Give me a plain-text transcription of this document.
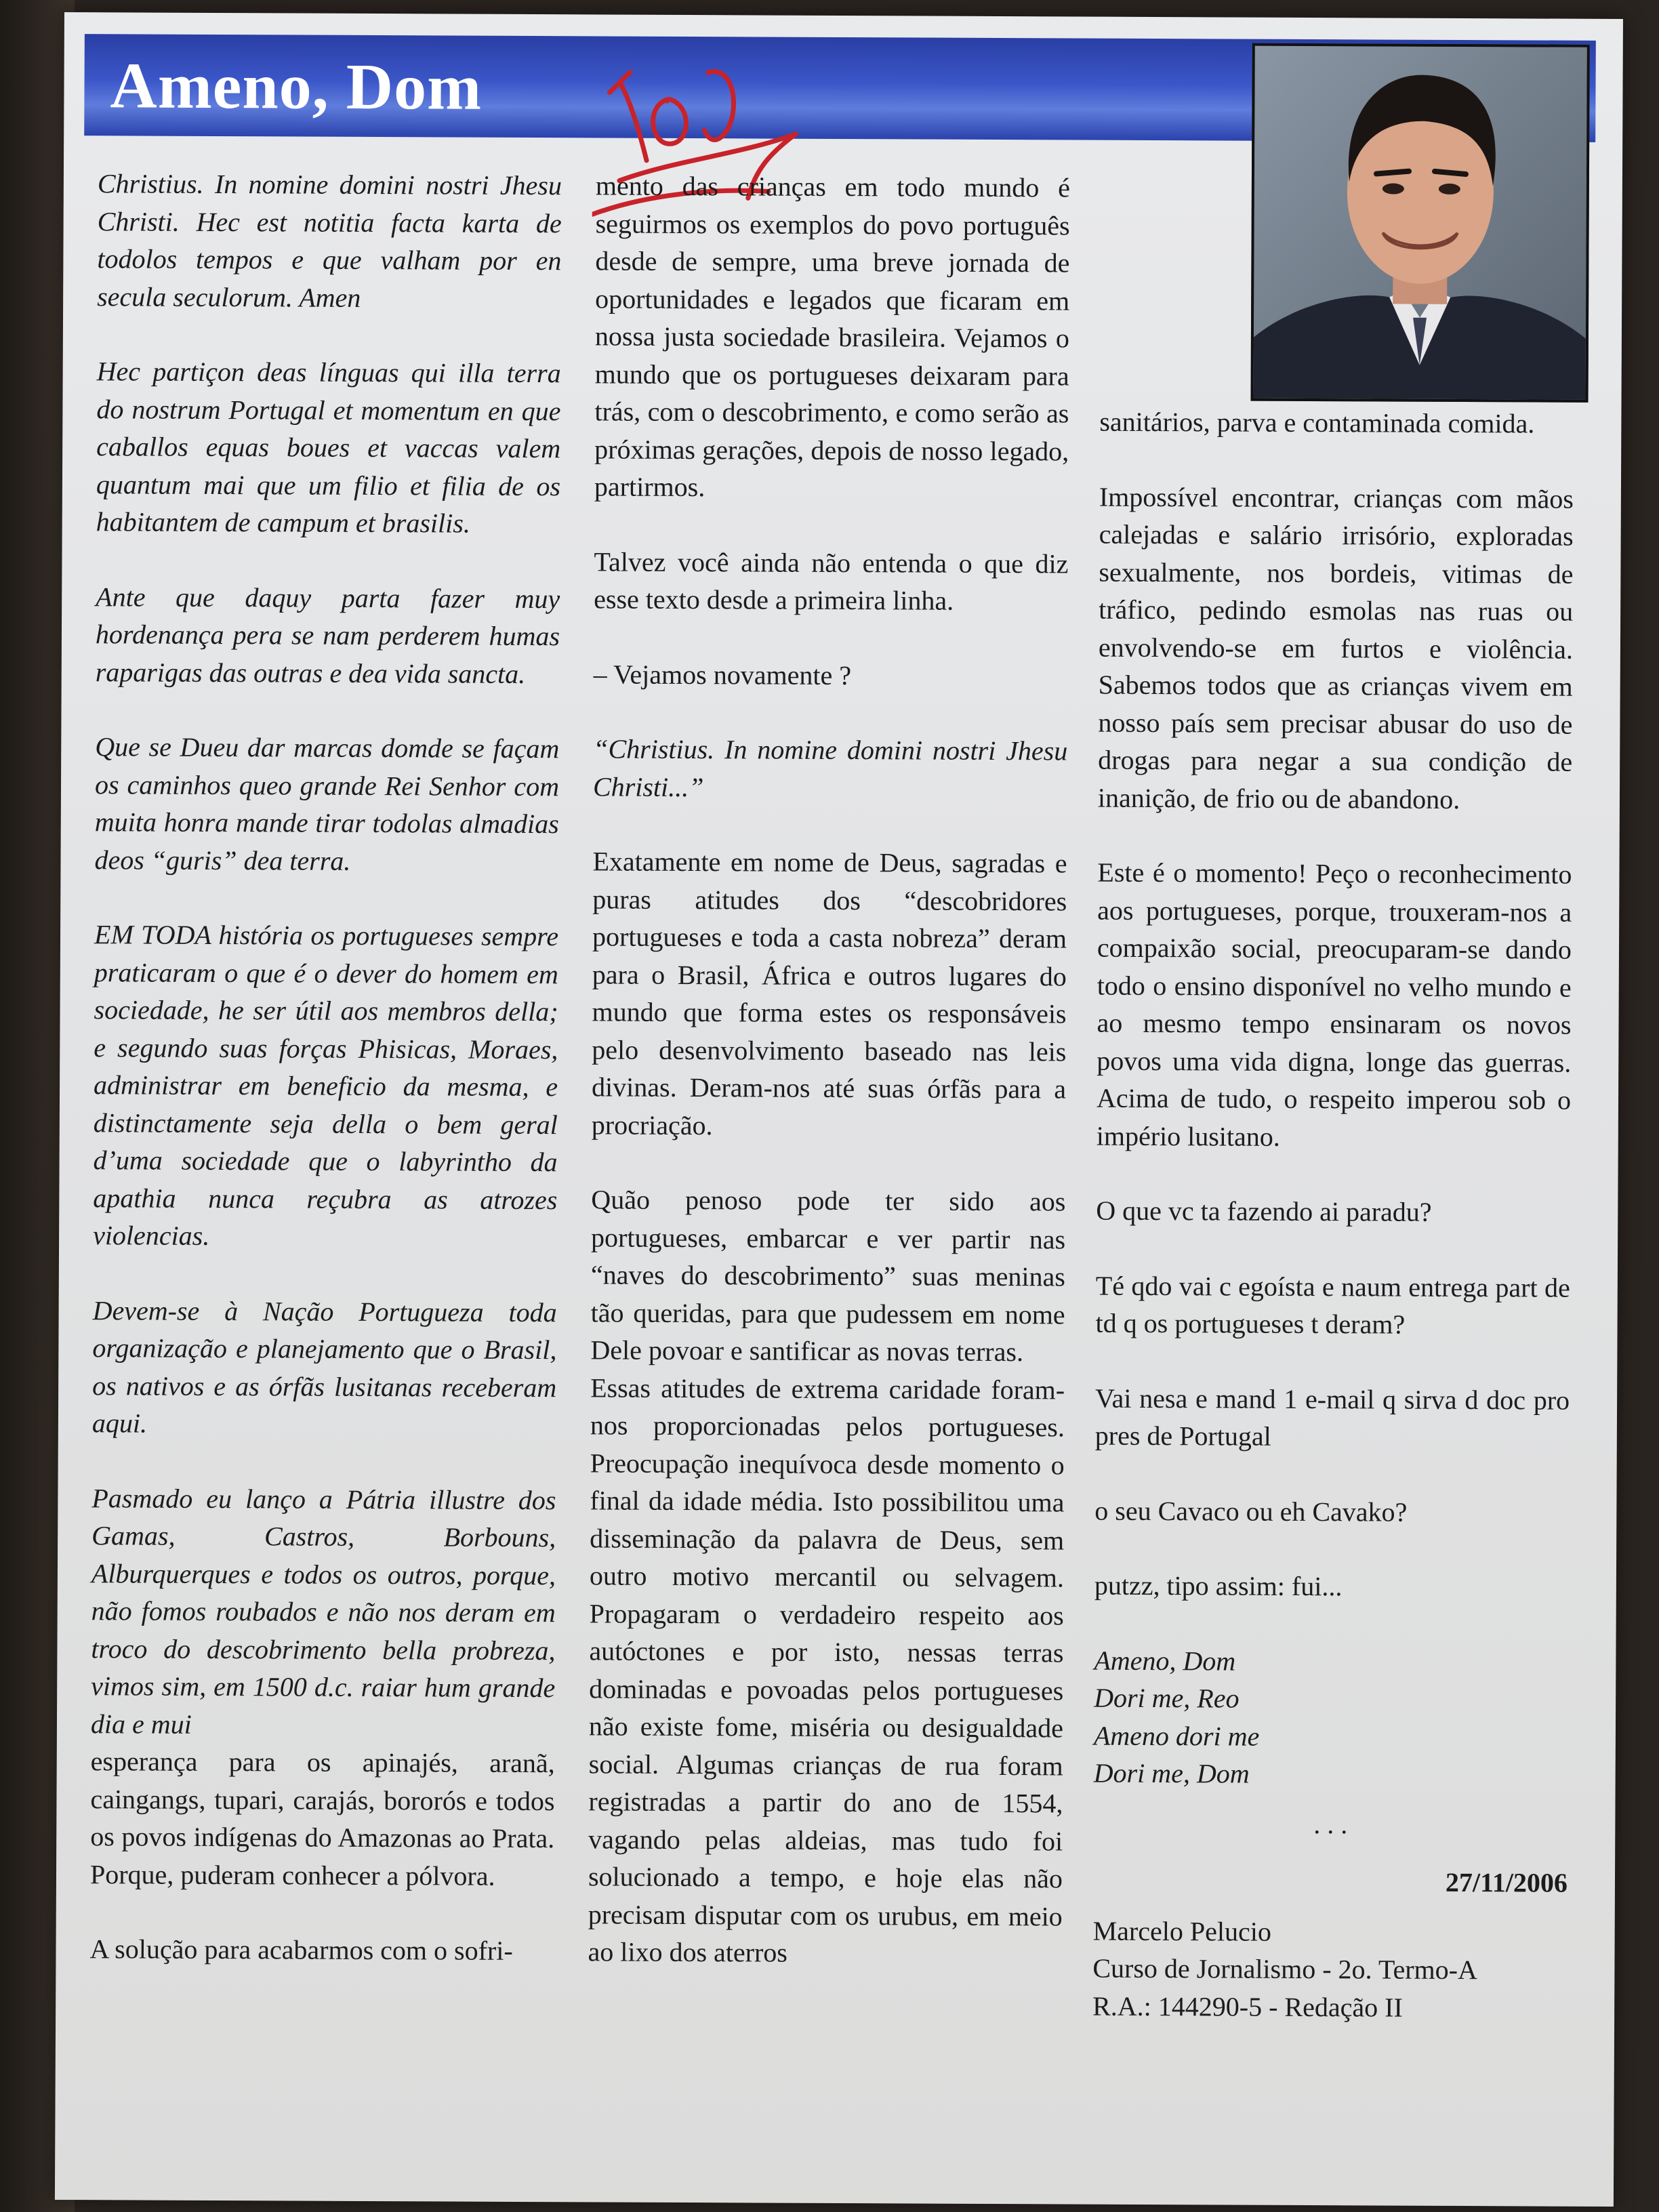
Ameno, Dom

Christius. In nomine domini nostri Jhesu Christi. Hec est notitia facta karta de todolos tempos e que valham por en secula seculorum. Amen

Hec partiçon deas línguas qui illa terra do nostrum Portugal et momentum en que caballos equas boues et vaccas valem quantum mai que um filio et filia de os habitantem de campum et brasilis.

Ante que daquy parta fazer muy hordenança pera se nam perderem humas raparigas das outras e dea vida sancta.

Que se Dueu dar marcas domde se façam os caminhos queo grande Rei Senhor com muita honra mande tirar todolas almadias deos “guris” dea terra.

EM TODA história os portugueses sempre praticaram o que é o dever do homem em sociedade, he ser útil aos membros della; e segundo suas forças Phisicas, Moraes, administrar em beneficio da mesma, e distinctamente seja della o bem geral d’uma sociedade que o labyrintho da apathia nunca reçubra as atrozes violencias.

Devem-se à Nação Portugueza toda organização e planejamento que o Brasil, os nativos e as órfãs lusitanas receberam aqui.

Pasmado eu lanço a Pátria illustre dos Gamas, Castros, Borbouns, Alburquerques e todos os outros, porque, não fomos roubados e não nos deram em troco do descobrimento bella probreza, vimos sim, em 1500 d.c. raiar hum grande dia e mui

esperança para os apinajés, aranã, caingangs, tupari, carajás, bororós e todos os povos indígenas do Amazonas ao Prata. Porque, puderam conhecer a pólvora.

A solução para acabarmos com o sofri-

mento das crianças em todo mundo é seguirmos os exemplos do povo português desde de sempre, uma breve jornada de oportunidades e legados que ficaram em nossa justa sociedade brasileira. Vejamos o mundo que os portugueses deixaram para trás, com o descobrimento, e como serão as próximas gerações, depois de nosso legado, partirmos.

Talvez você ainda não entenda o que diz esse texto desde a primeira linha.

– Vejamos novamente ?

“Christius. In nomine domini nostri Jhesu Christi...”

Exatamente em nome de Deus, sagradas e puras atitudes dos “descobridores portugueses e toda a casta nobreza” deram para o Brasil, África e outros lugares do mundo que forma estes os responsáveis pelo desenvolvimento baseado nas leis divinas. Deram-nos até suas órfãs para a procriação.

Quão penoso pode ter sido aos portugueses, embarcar e ver partir nas “naves do descobrimento” suas meninas tão queridas, para que pudessem em nome Dele povoar e santificar as novas terras.

Essas atitudes de extrema caridade foram-nos proporcionadas pelos portugueses. Preocupação inequívoca desde momento o final da idade média. Isto possibilitou uma disseminação da palavra de Deus, sem outro motivo mercantil ou selvagem. Propagaram o verdadeiro respeito aos autóctones e por isto, nessas terras dominadas e povoadas pelos portugueses não existe fome, miséria ou desigualdade social. Algumas crianças de rua foram registradas a partir do ano de 1554, vagando pelas aldeias, mas tudo foi solucionado a tempo, e hoje elas não precisam disputar com os urubus, em meio ao lixo dos aterros

sanitários, parva e contaminada comida.

Impossível encontrar, crianças com mãos calejadas e salário irrisório, exploradas sexualmente, nos bordeis, vitimas de tráfico, pedindo esmolas nas ruas ou envolvendo-se em furtos e violência. Sabemos todos que as crianças vivem em nosso país sem precisar abusar do uso de drogas para negar a sua condição de inanição, de frio ou de abandono.

Este é o momento! Peço o reconhecimento aos portugueses, porque, trouxeram-nos a compaixão social, preocuparam-se dando todo o ensino disponível no velho mundo e ao mesmo tempo ensinaram os novos povos uma vida digna, longe das guerras. Acima de tudo, o respeito imperou sob o império lusitano.

O que vc ta fazendo ai paradu?

Té qdo vai c egoísta e naum entrega part de td q os portugueses t deram?

Vai nesa e mand 1 e-mail q sirva d doc pro pres de Portugal

o seu Cavaco ou eh Cavako?

putzz, tipo assim: fui...

Ameno, Dom
Dori me, Reo
Ameno dori me
Dori me, Dom
. . .
27/11/2006
Marcelo Pelucio
Curso de Jornalismo - 2o. Termo-A
R.A.: 144290-5 - Redação II
